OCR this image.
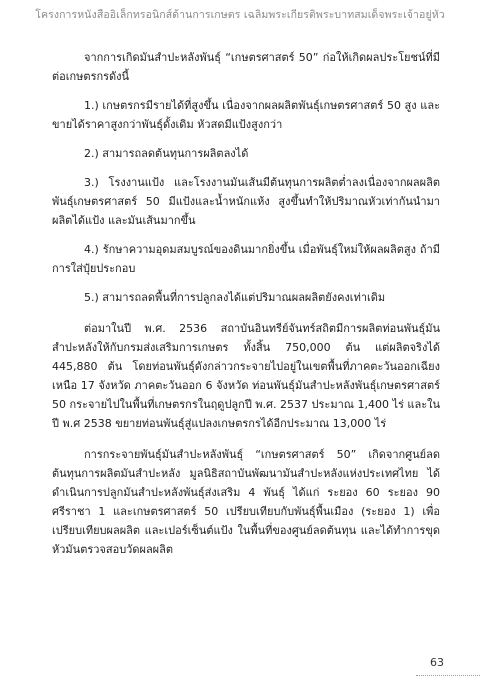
โครงการหนังสืออิเล็กทรอนิกส์ด้านการเกษตร เฉลิมพระเกียรติพระบาทสมเด็จพระเจ้าอยู่หัว

จากการเกิดมันสำปะหลังพันธุ์ “เกษตรศาสตร์ 50” ก่อให้เกิดผลประโยชน์ที่มีต่อเกษตรกรดังนี้

1.) เกษตรกรมีรายได้ที่สูงขึ้น เนื่องจากผลผลิตพันธุ์เกษตรศาสตร์ 50 สูง และขายได้ราคาสูงกว่าพันธุ์ดั้งเดิม หัวสดมีแป้งสูงกว่า

2.) สามารถลดต้นทุนการผลิตลงได้

3.) โรงงานแป้ง และโรงงานมันเส้นมีต้นทุนการผลิตต่ำลงเนื่องจากผลผลิตพันธุ์เกษตรศาสตร์ 50 มีแป้งและน้ำหนักแห้ง สูงขึ้นทำให้ปริมาณหัวเท่ากันนำมาผลิตได้แป้ง และมันเส้นมากขึ้น

4.) รักษาความอุดมสมบูรณ์ของดินมากยิ่งขึ้น เมื่อพันธุ์ใหม่ให้ผลผลิตสูง ถ้ามีการใส่ปุ๋ยประกอบ

5.) สามารถลดพื้นที่การปลูกลงได้แต่ปริมาณผลผลิตยังคงเท่าเดิม

ต่อมาในปี พ.ศ. 2536 สถาบันอินทรีย์จันทร์สถิตมีการผลิตท่อนพันธุ์มันสำปะหลังให้กับกรมส่งเสริมการเกษตร ทั้งสิ้น 750,000 ต้น แต่ผลิตจริงได้ 445,880 ต้น โดยท่อนพันธุ์ดังกล่าวกระจายไปอยู่ในเขตพื้นที่ภาคตะวันออกเฉียงเหนือ 17 จังหวัด ภาคตะวันออก 6 จังหวัด ท่อนพันธุ์มันสำปะหลังพันธุ์เกษตรศาสตร์ 50 กระจายไปในพื้นที่เกษตรกรในฤดูปลูกปี พ.ศ. 2537 ประมาณ 1,400 ไร่ และในปี พ.ศ 2538 ขยายท่อนพันธุ์สู่แปลงเกษตรกรได้อีกประมาณ 13,000 ไร่

การกระจายพันธุ์มันสำปะหลังพันธุ์ “เกษตรศาสตร์ 50” เกิดจากศูนย์ลดต้นทุนการผลิตมันสำปะหลัง มูลนิธิสถาบันพัฒนามันสำปะหลังแห่งประเทศไทย ได้ดำเนินการปลูกมันสำปะหลังพันธุ์ส่งเสริม 4 พันธุ์ ได้แก่ ระยอง 60 ระยอง 90 ศรีราชา 1 และเกษตรศาสตร์ 50 เปรียบเทียบกับพันธุ์พื้นเมือง (ระยอง 1) เพื่อเปรียบเทียบผลผลิต และเปอร์เซ็นต์แป้ง ในพื้นที่ของศูนย์ลดต้นทุน และได้ทำการขุดหัวมันตรวจสอบวัดผลผลิต

63
